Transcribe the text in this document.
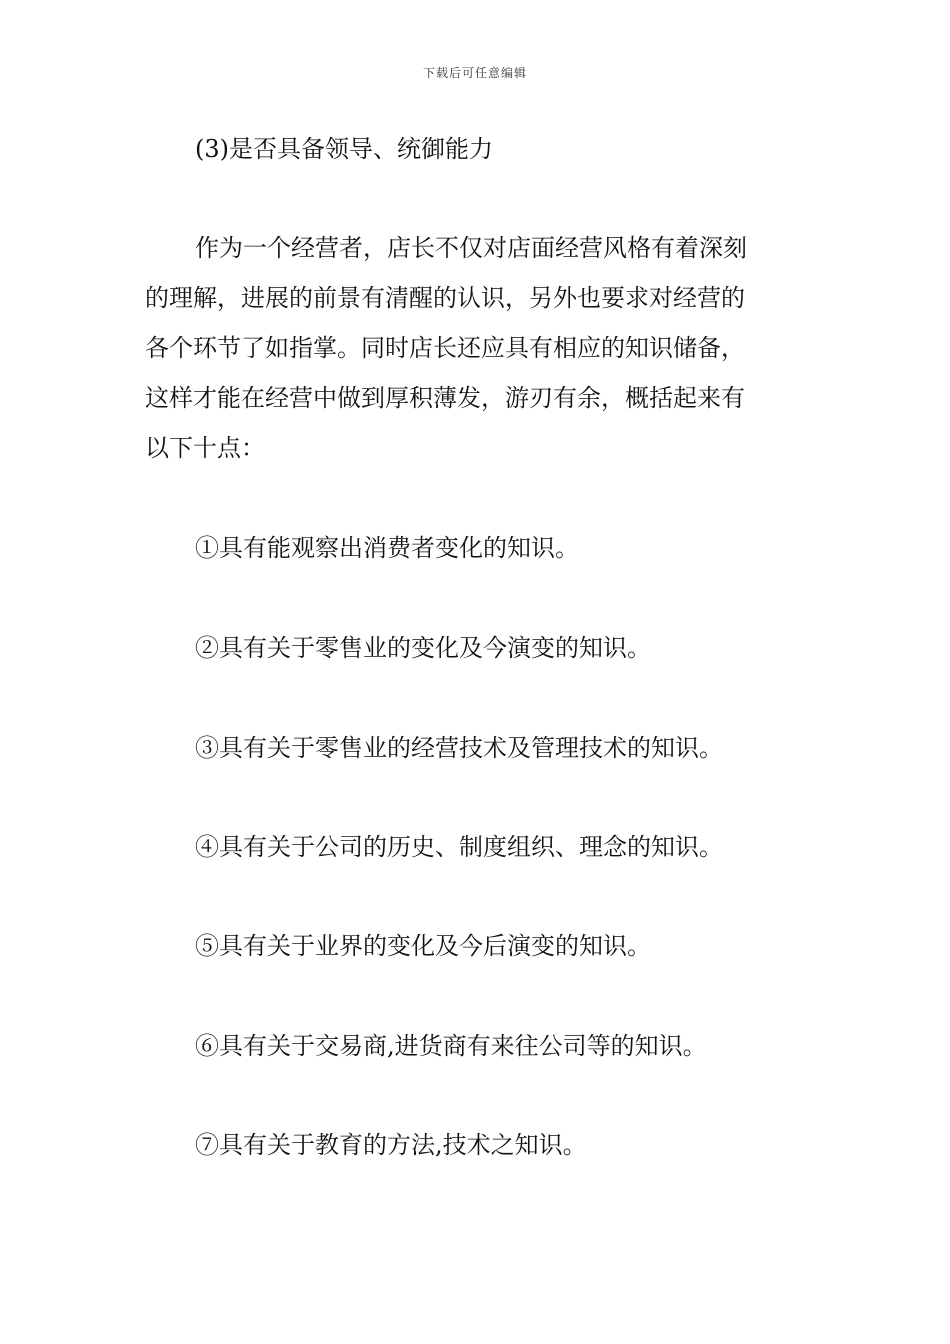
下载后可任意编辑
(3)是否具备领导、统御能力
作为一个经营者，店长不仅对店面经营风格有着深刻
的理解，进展的前景有清醒的认识，另外也要求对经营的
各个环节了如指掌。同时店长还应具有相应的知识储备，
这样才能在经营中做到厚积薄发，游刃有余，概括起来有
以下十点：
①具有能观察出消费者变化的知识。
②具有关于零售业的变化及今演变的知识。
③具有关于零售业的经营技术及管理技术的知识。
④具有关于公司的历史、制度组织、理念的知识。
⑤具有关于业界的变化及今后演变的知识。
⑥具有关于交易商,进货商有来往公司等的知识。
⑦具有关于教育的方法,技术之知识。
